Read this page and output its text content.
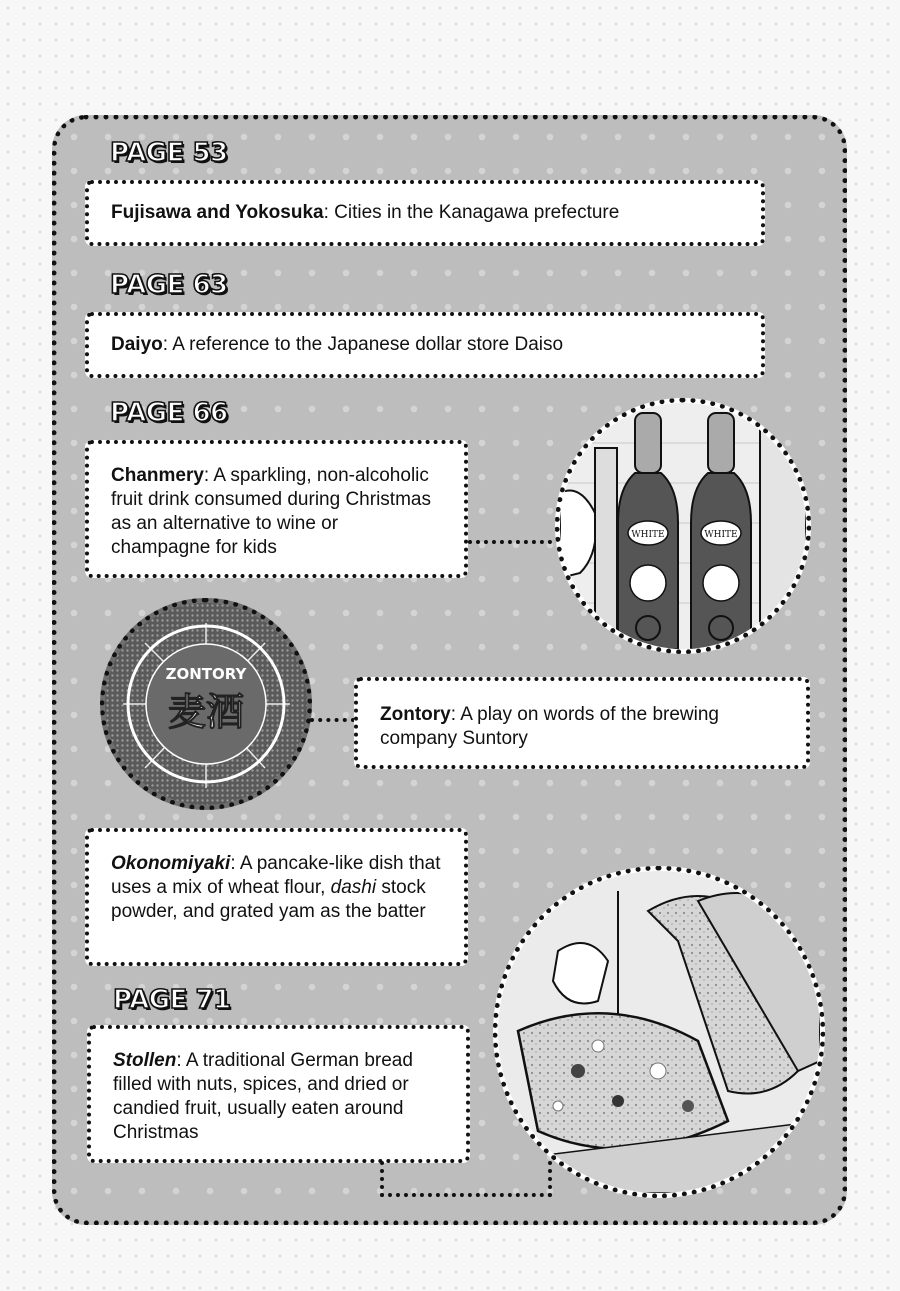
PAGE 53
Fujisawa and Yokosuka: Cities in the Kanagawa prefecture
PAGE 63
Daiyo: A reference to the Japanese dollar store Daiso
PAGE 66
Chanmery: A sparkling, non-alcoholic fruit drink consumed during Christmas as an alternative to wine or champagne for kids
WHITE	WHITE
ZONTORY
麦酒	Zontory: A play on words of the brewing company Suntory
Okonomiyaki: A pancake-like dish that uses a mix of wheat flour, dashi stock powder, and grated yam as the batter
PAGE 71
Stollen: A traditional German bread filled with nuts, spices, and dried or candied fruit, usually eaten around Christmas
